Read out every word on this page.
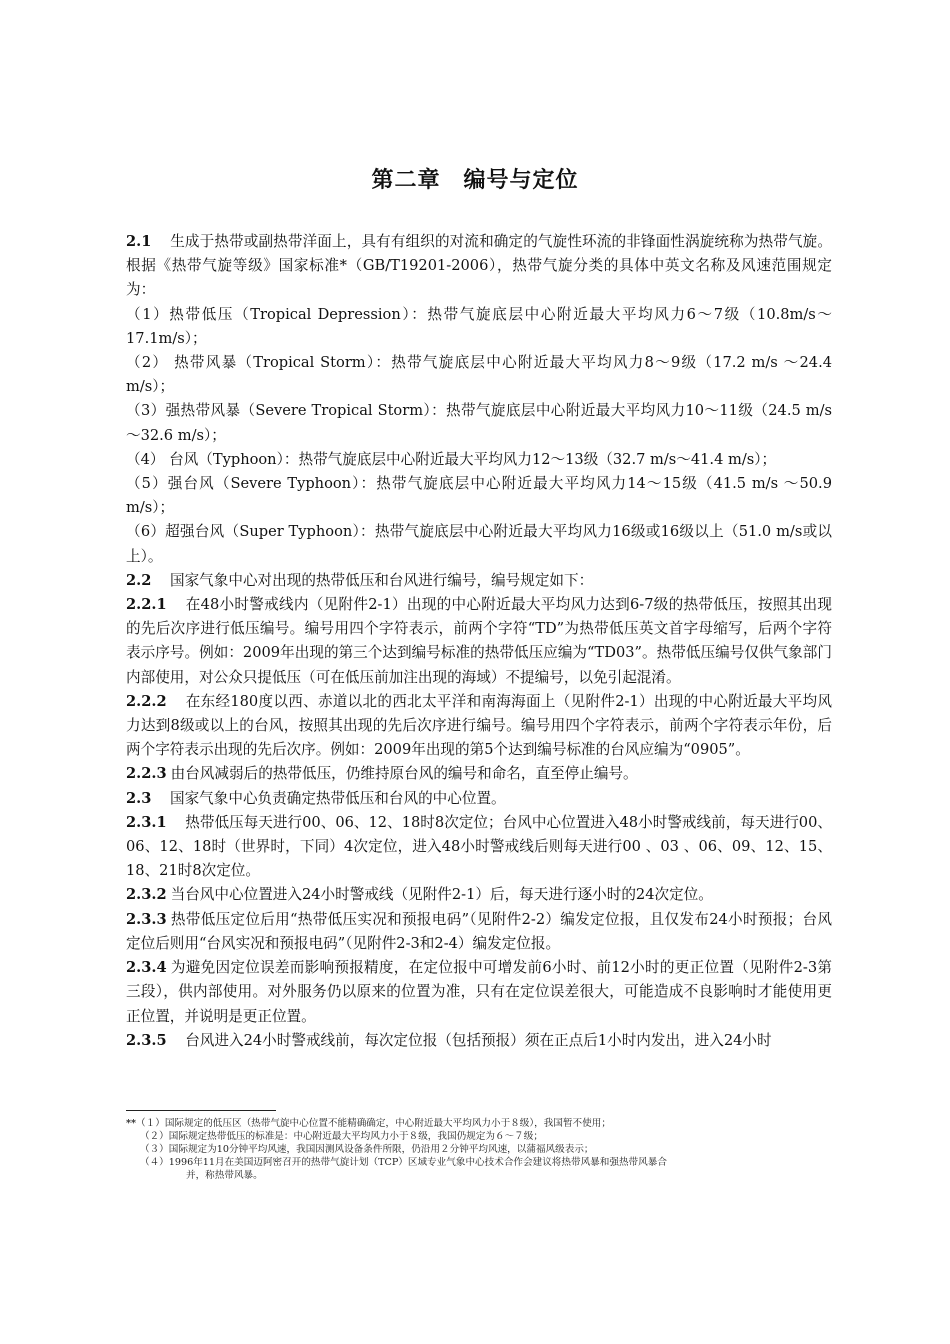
第二章　编号与定位

2.1　生成于热带或副热带洋面上，具有有组织的对流和确定的气旋性环流的非锋面性涡旋统称为热带气旋。根据《热带气旋等级》国家标准*（GB/T19201-2006），热带气旋分类的具体中英文名称及风速范围规定为：

（1）热带低压（Tropical Depression）：热带气旋底层中心附近最大平均风力6～7级（10.8m/s～17.1m/s）；

（2） 热带风暴（Tropical Storm）：热带气旋底层中心附近最大平均风力8～9级（17.2 m/s ～24.4 m/s）；

（3）强热带风暴（Severe Tropical Storm）：热带气旋底层中心附近最大平均风力10～11级（24.5 m/s～32.6 m/s）；

（4） 台风（Typhoon）：热带气旋底层中心附近最大平均风力12～13级（32.7 m/s～41.4 m/s）；

（5）强台风（Severe Typhoon）：热带气旋底层中心附近最大平均风力14～15级（41.5 m/s ～50.9 m/s）；

（6）超强台风（Super Typhoon）：热带气旋底层中心附近最大平均风力16级或16级以上（51.0 m/s或以上）。

2.2　国家气象中心对出现的热带低压和台风进行编号，编号规定如下：

2.2.1　在48小时警戒线内（见附件2-1）出现的中心附近最大平均风力达到6-7级的热带低压，按照其出现的先后次序进行低压编号。编号用四个字符表示，前两个字符“TD”为热带低压英文首字母缩写，后两个字符表示序号。例如：2009年出现的第三个达到编号标准的热带低压应编为“TD03”。热带低压编号仅供气象部门内部使用，对公众只提低压（可在低压前加注出现的海域）不提编号，以免引起混淆。

2.2.2　在东经180度以西、赤道以北的西北太平洋和南海海面上（见附件2-1）出现的中心附近最大平均风力达到8级或以上的台风，按照其出现的先后次序进行编号。编号用四个字符表示，前两个字符表示年份，后两个字符表示出现的先后次序。例如：2009年出现的第5个达到编号标准的台风应编为“0905”。

2.2.3 由台风减弱后的热带低压，仍维持原台风的编号和命名，直至停止编号。

2.3　国家气象中心负责确定热带低压和台风的中心位置。

2.3.1　热带低压每天进行00、06、12、18时8次定位；台风中心位置进入48小时警戒线前，每天进行00、06、12、18时（世界时，下同）4次定位，进入48小时警戒线后则每天进行00 、03 、06、09、12、15、18、21时8次定位。

2.3.2 当台风中心位置进入24小时警戒线（见附件2-1）后，每天进行逐小时的24次定位。

2.3.3 热带低压定位后用“热带低压实况和预报电码”（见附件2-2）编发定位报，且仅发布24小时预报；台风定位后则用“台风实况和预报电码”（见附件2-3和2-4）编发定位报。

2.3.4 为避免因定位误差而影响预报精度，在定位报中可增发前6小时、前12小时的更正位置（见附件2-3第三段），供内部使用。对外服务仍以原来的位置为准，只有在定位误差很大，可能造成不良影响时才能使用更正位置，并说明是更正位置。

2.3.5　台风进入24小时警戒线前，每次定位报（包括预报）须在正点后1小时内发出，进入24小时

**（１）国际规定的低压区（热带气旋中心位置不能精确确定，中心附近最大平均风力小于８级），我国暂不使用；

（２）国际规定热带低压的标准是：中心附近最大平均风力小于８级，我国仍规定为６～７级；

（３）国际规定为10分钟平均风速，我国因测风设备条件所限，仍沿用２分钟平均风速，以蒲福风级表示；

（４）1996年11月在美国迈阿密召开的热带气旋计划（TCP）区域专业气象中心技术合作会建议将热带风暴和强热带风暴合
并，称热带风暴。
